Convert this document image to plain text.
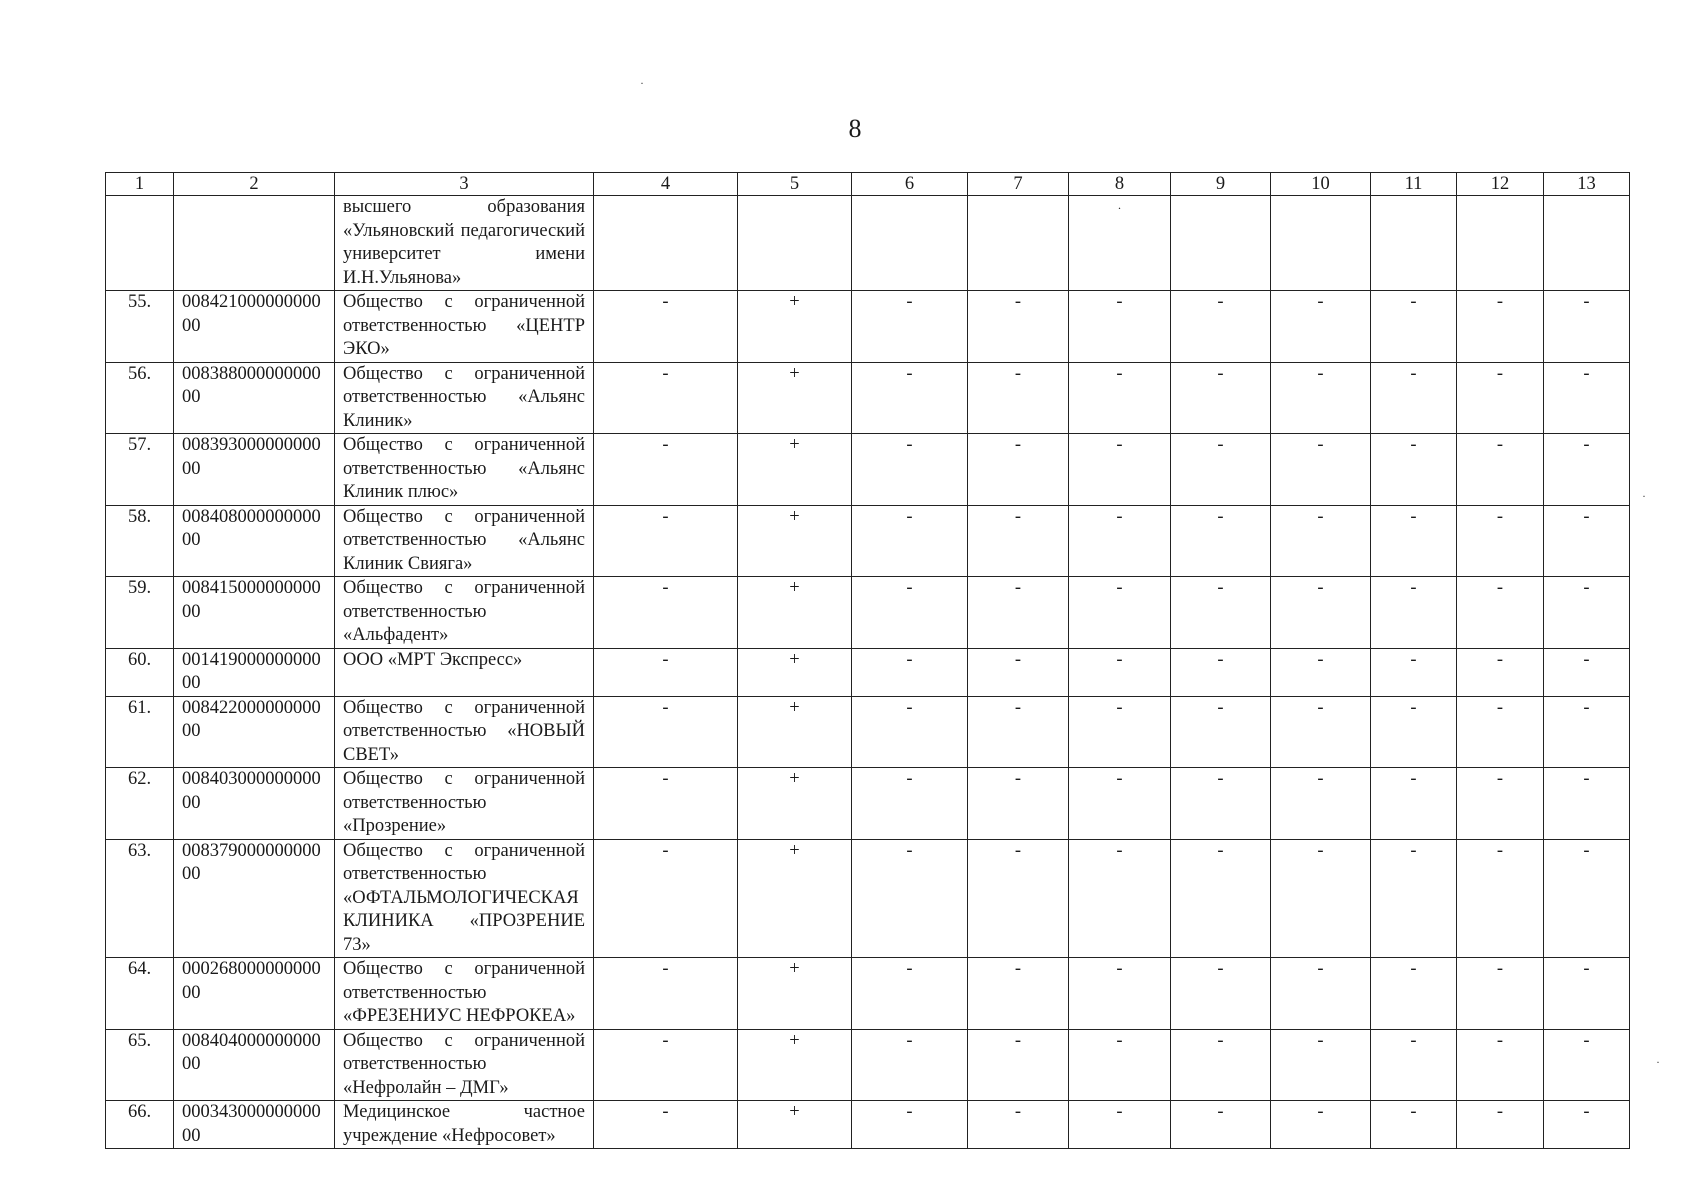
8
·
·
·
1	2	3	4	5	6	7	8	9	10	11	12	13
		высшего образования «Ульяновский педагогический университет имени И.Н.Ульянова»					·					
55.	00842100000000000	Общество с ограниченной ответственностью «ЦЕНТР ЭКО»	-	+	-	-	-	-	-	-	-	-
56.	00838800000000000	Общество с ограниченной ответственностью «Альянс Клиник»	-	+	-	-	-	-	-	-	-	-
57.	00839300000000000	Общество с ограниченной ответственностью «Альянс Клиник плюс»	-	+	-	-	-	-	-	-	-	-
58.	00840800000000000	Общество с ограниченной ответственностью «Альянс Клиник Свияга»	-	+	-	-	-	-	-	-	-	-
59.	00841500000000000	Общество с ограниченной ответственностью «Альфадент»	-	+	-	-	-	-	-	-	-	-
60.	00141900000000000	ООО «МРТ Экспресс»	-	+	-	-	-	-	-	-	-	-
61.	00842200000000000	Общество с ограниченной ответственностью «НОВЫЙ СВЕТ»	-	+	-	-	-	-	-	-	-	-
62.	00840300000000000	Общество с ограниченной ответственностью «Прозрение»	-	+	-	-	-	-	-	-	-	-
63.	00837900000000000	Общество с ограниченной ответственностью «ОФТАЛЬМОЛОГИЧЕСКАЯ КЛИНИКА «ПРОЗРЕНИЕ 73»	-	+	-	-	-	-	-	-	-	-
64.	00026800000000000	Общество с ограниченной ответственностью «ФРЕЗЕНИУС НЕФРОКЕА»	-	+	-	-	-	-	-	-	-	-
65.	00840400000000000	Общество с ограниченной ответственностью «Нефролайн – ДМГ»	-	+	-	-	-	-	-	-	-	-
66.	00034300000000000	Медицинское частное учреждение «Нефросовет»	-	+	-	-	-	-	-	-	-	-
